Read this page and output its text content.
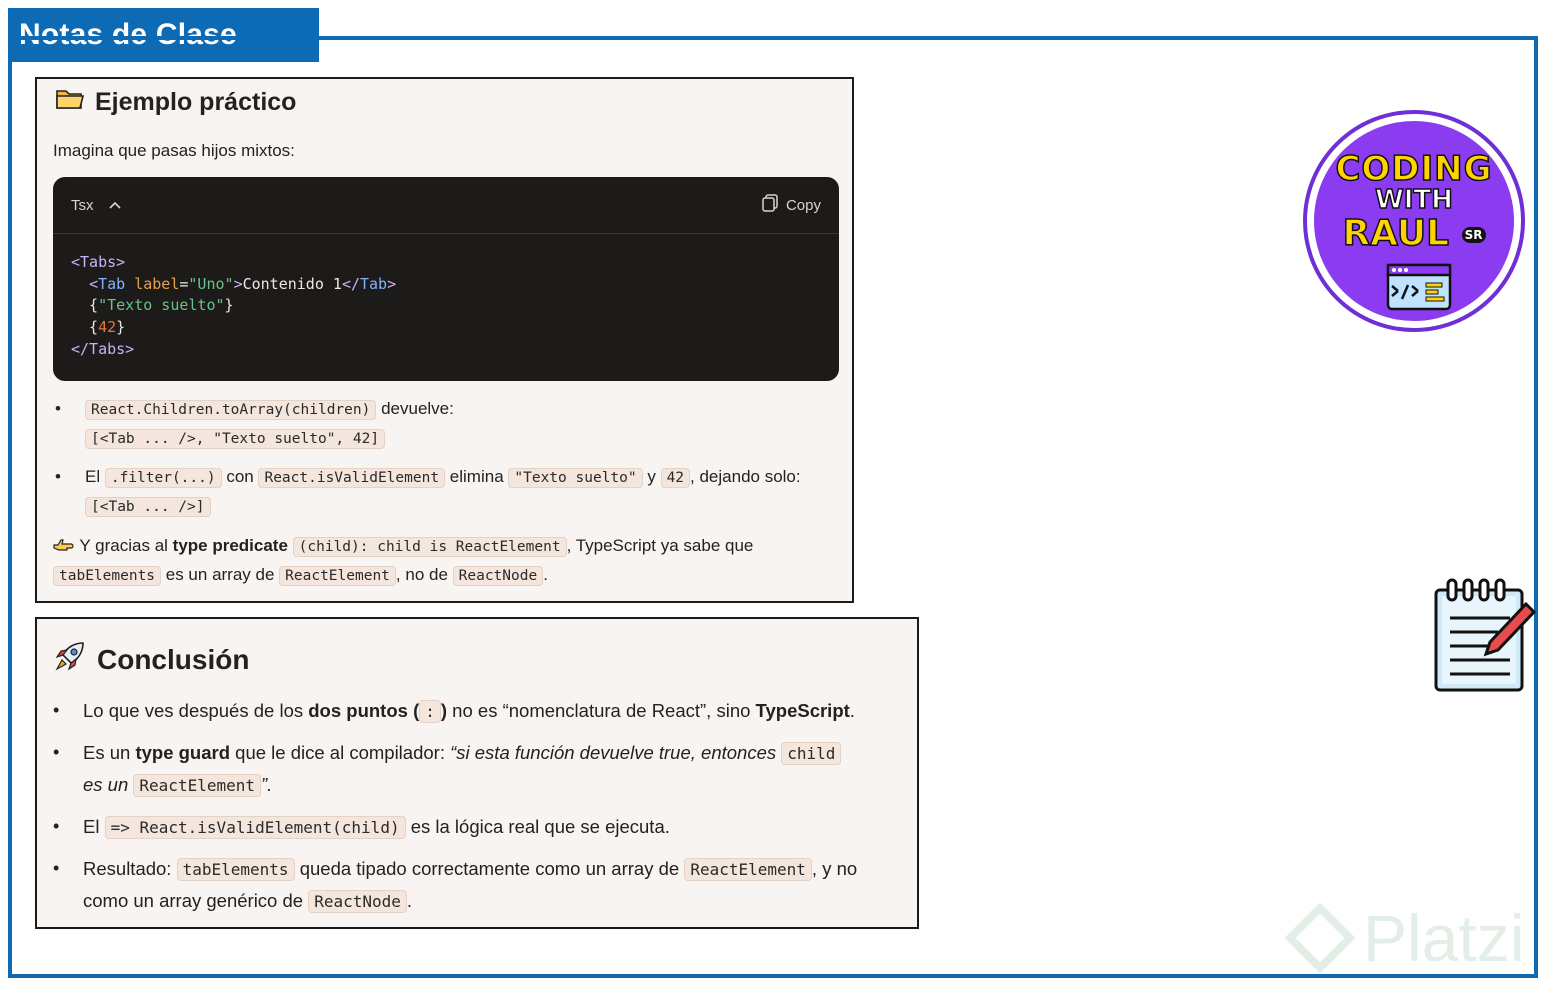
Notas de Clase
Ejemplo práctico
Imagina que pasas hijos mixtos:
Tsx	Copy
<Tabs>
<Tab label="Uno">Contenido 1</Tab>
{"Texto suelto"}
{42}
</Tabs>
• React.Children.toArray(children) devuelve:
[<Tab ... />, "Texto suelto", 42]
• El .filter(...) con React.isValidElement elimina "Texto suelto" y 42 , dejando solo:
[<Tab ... />]
Y gracias al type predicate (child): child is ReactElement , TypeScript ya sabe que
tabElements es un array de ReactElement , no de ReactNode .
Conclusión
• Lo que ves después de los dos puntos ( : ) no es “nomenclatura de React”, sino TypeScript.
• Es un type guard que le dice al compilador: “si esta función devuelve true, entonces child
es un ReactElement ”.
• El => React.isValidElement(child) es la lógica real que se ejecuta.
• Resultado: tabElements queda tipado correctamente como un array de ReactElement , y no
como un array genérico de ReactNode .
CODING
WITH
RAUL SR
Platzi
